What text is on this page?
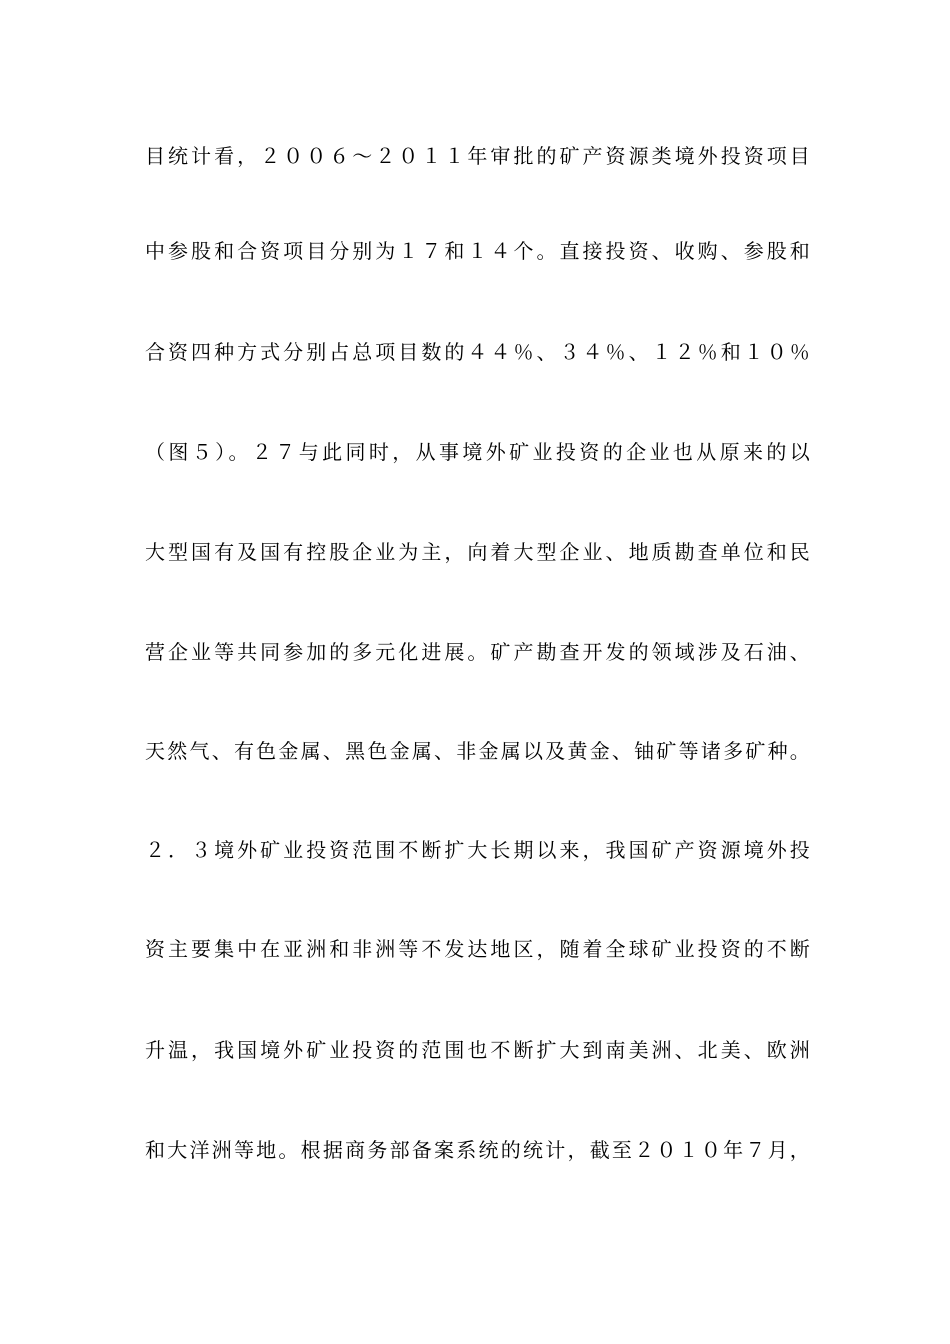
目统计看，２００６～２０１１年审批的矿产资源类境外投资项目

中参股和合资项目分别为１７和１４个。直接投资、收购、参股和

合资四种方式分别占总项目数的４４％、３４％、１２％和１０％

（图５）。２７与此同时，从事境外矿业投资的企业也从原来的以

大型国有及国有控股企业为主，向着大型企业、地质勘查单位和民

营企业等共同参加的多元化进展。矿产勘查开发的领域涉及石油、

天然气、有色金属、黑色金属、非金属以及黄金、铀矿等诸多矿种。

２．３境外矿业投资范围不断扩大长期以来，我国矿产资源境外投

资主要集中在亚洲和非洲等不发达地区，随着全球矿业投资的不断

升温，我国境外矿业投资的范围也不断扩大到南美洲、北美、欧洲

和大洋洲等地。根据商务部备案系统的统计，截至２０１０年７月，
